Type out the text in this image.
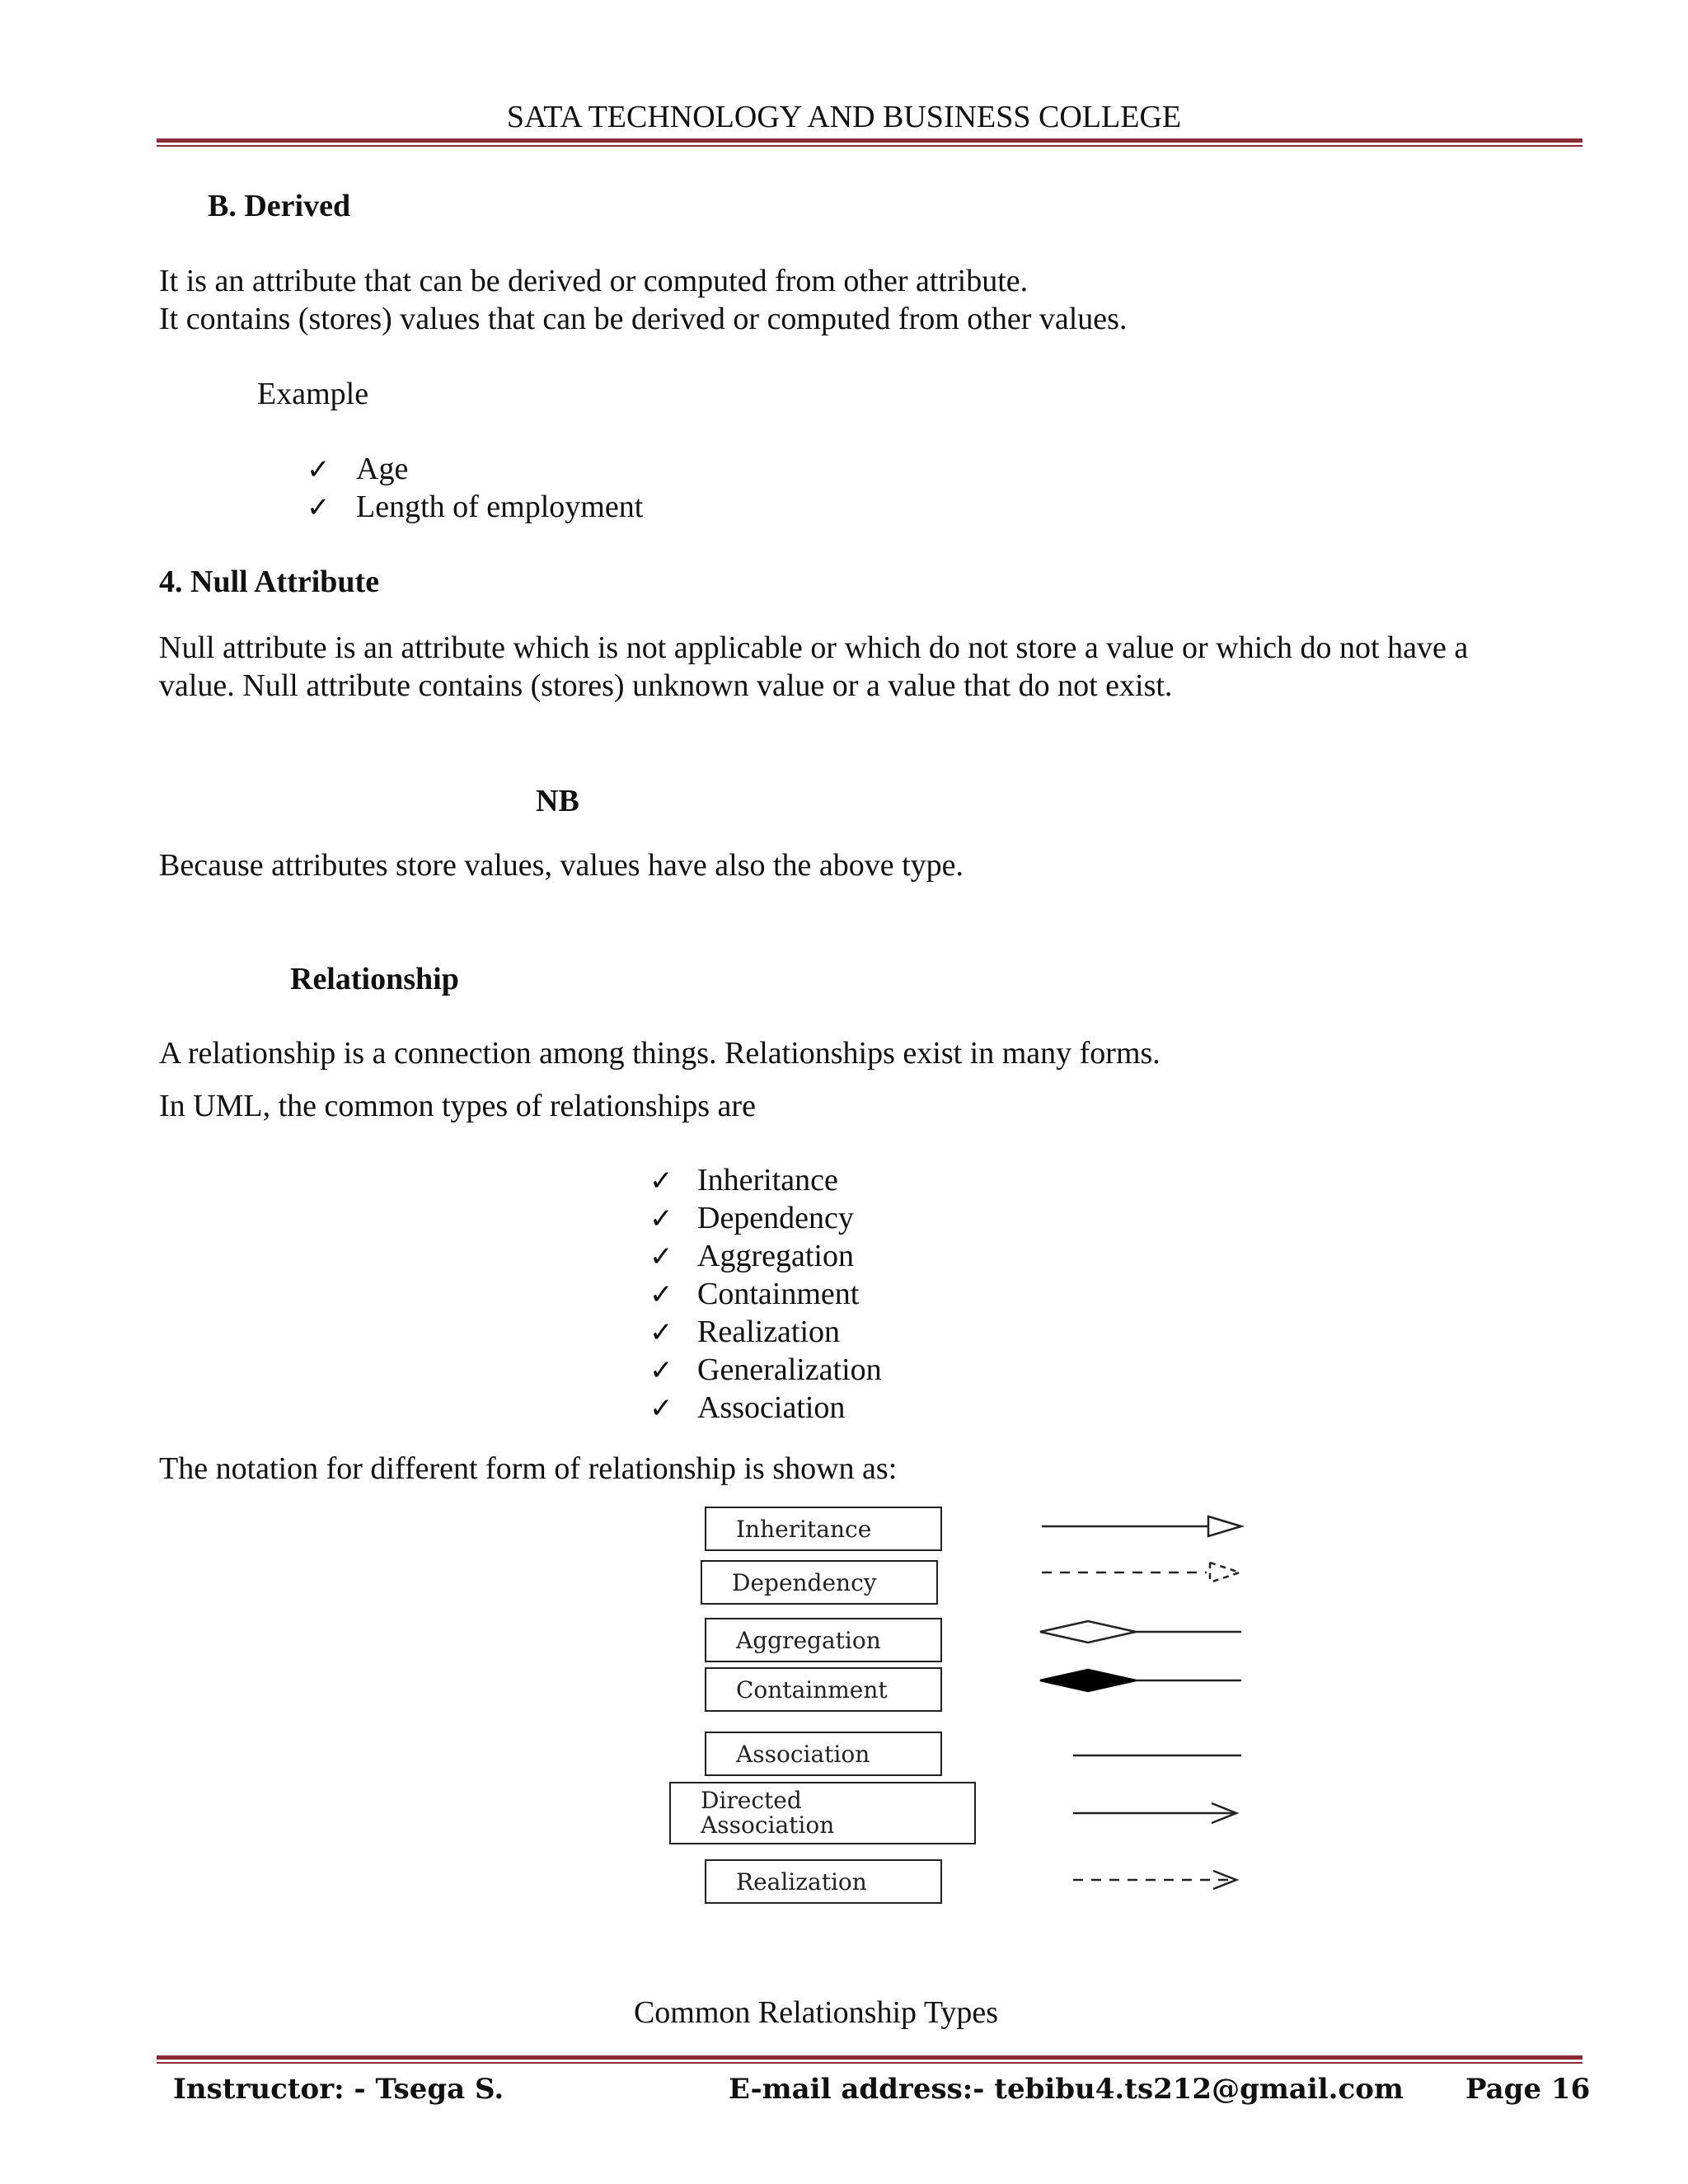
SATA TECHNOLOGY AND BUSINESS COLLEGE
B. Derived
It is an attribute that can be derived or computed from other attribute.
It contains (stores) values that can be derived or computed from other values.
Example
✓ Age
✓ Length of employment
4. Null Attribute
Null attribute is an attribute which is not applicable or which do not store a value or which do not have a
value. Null attribute contains (stores) unknown value or a value that do not exist.
NB
Because attributes store values, values have also the above type.
Relationship
A relationship is a connection among things. Relationships exist in many forms.
In UML, the common types of relationships are
✓ Inheritance
✓ Dependency
✓ Aggregation
✓ Containment
✓ Realization
✓ Generalization
✓ Association
The notation for different form of relationship is shown as:
Inheritance
Dependency
Aggregation
Containment
Association
Directed
Association
Realization
Common Relationship Types
Instructor: - Tsega S.	E-mail address:- tebibu4.ts212@gmail.com Page 16
